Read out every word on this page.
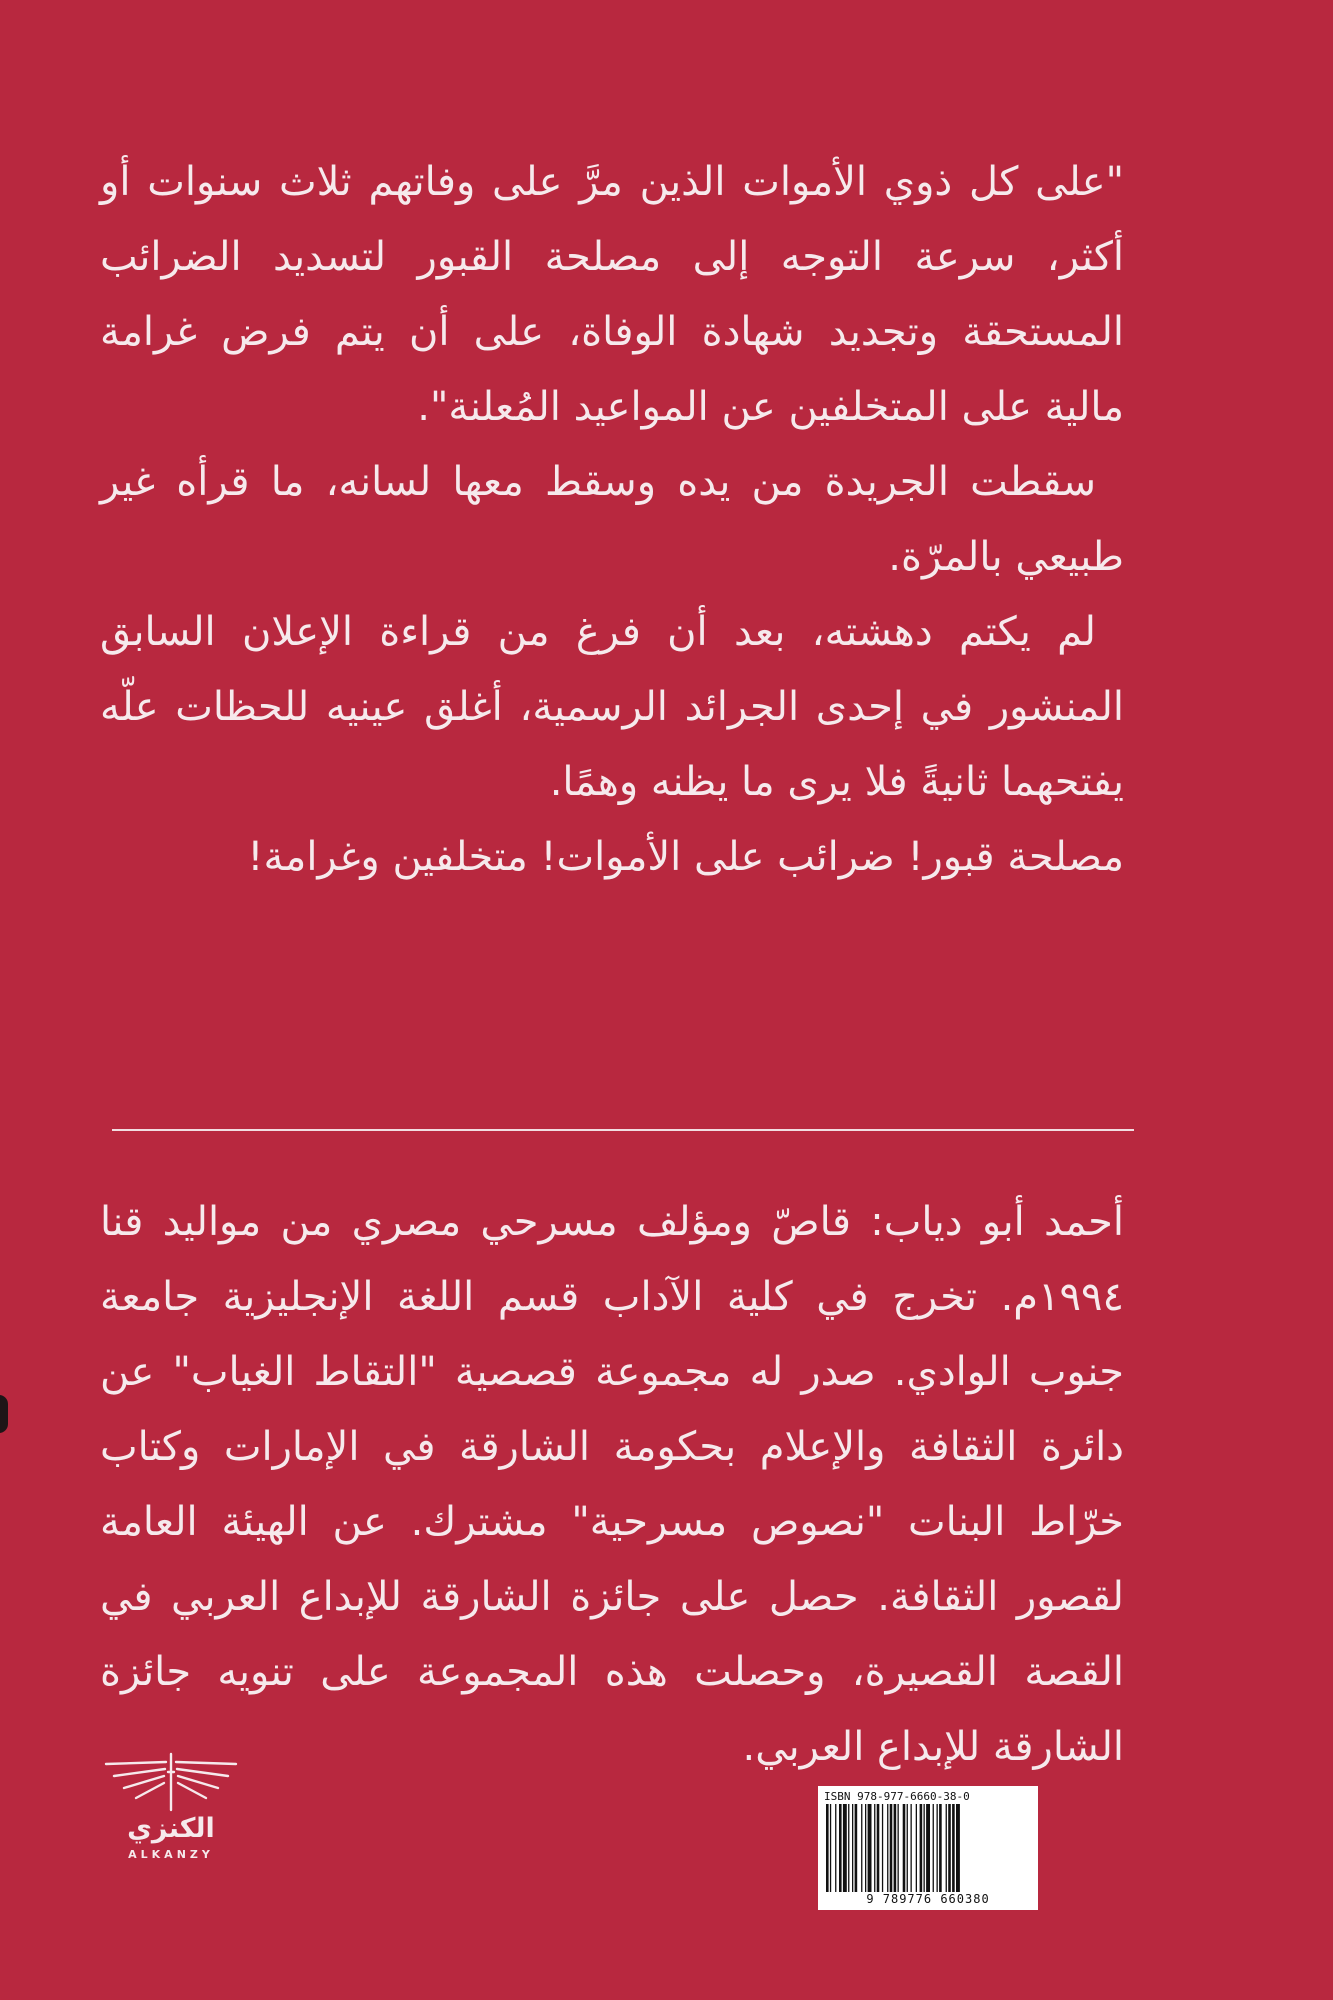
"على كل ذوي الأموات الذين مرَّ على وفاتهم ثلاث سنوات أو أكثر، سرعة التوجه إلى مصلحة القبور لتسديد الضرائب المستحقة وتجديد شهادة الوفاة، على أن يتم فرض غرامة مالية على المتخلفين عن المواعيد المُعلنة".

سقطت الجريدة من يده وسقط معها لسانه، ما قرأه غير طبيعي بالمرّة.

لم يكتم دهشته، بعد أن فرغ من قراءة الإعلان السابق المنشور في إحدى الجرائد الرسمية، أغلق عينيه للحظات علّه يفتحهما ثانيةً فلا يرى ما يظنه وهمًا.

مصلحة قبور! ضرائب على الأموات! متخلفين وغرامة!

أحمد أبو دياب: قاصّ ومؤلف مسرحي مصري من مواليد قنا ١٩٩٤م. تخرج في كلية الآداب قسم اللغة الإنجليزية جامعة جنوب الوادي. صدر له مجموعة قصصية "التقاط الغياب" عن دائرة الثقافة والإعلام بحكومة الشارقة في الإمارات وكتاب خرّاط البنات "نصوص مسرحية" مشترك. عن الهيئة العامة لقصور الثقافة. حصل على جائزة الشارقة للإبداع العربي في القصة القصيرة، وحصلت هذه المجموعة على تنويه جائزة الشارقة للإبداع العربي.

الكنزي
ALKANZY
ISBN 978-977-6660-38-0
9 789776 660380
